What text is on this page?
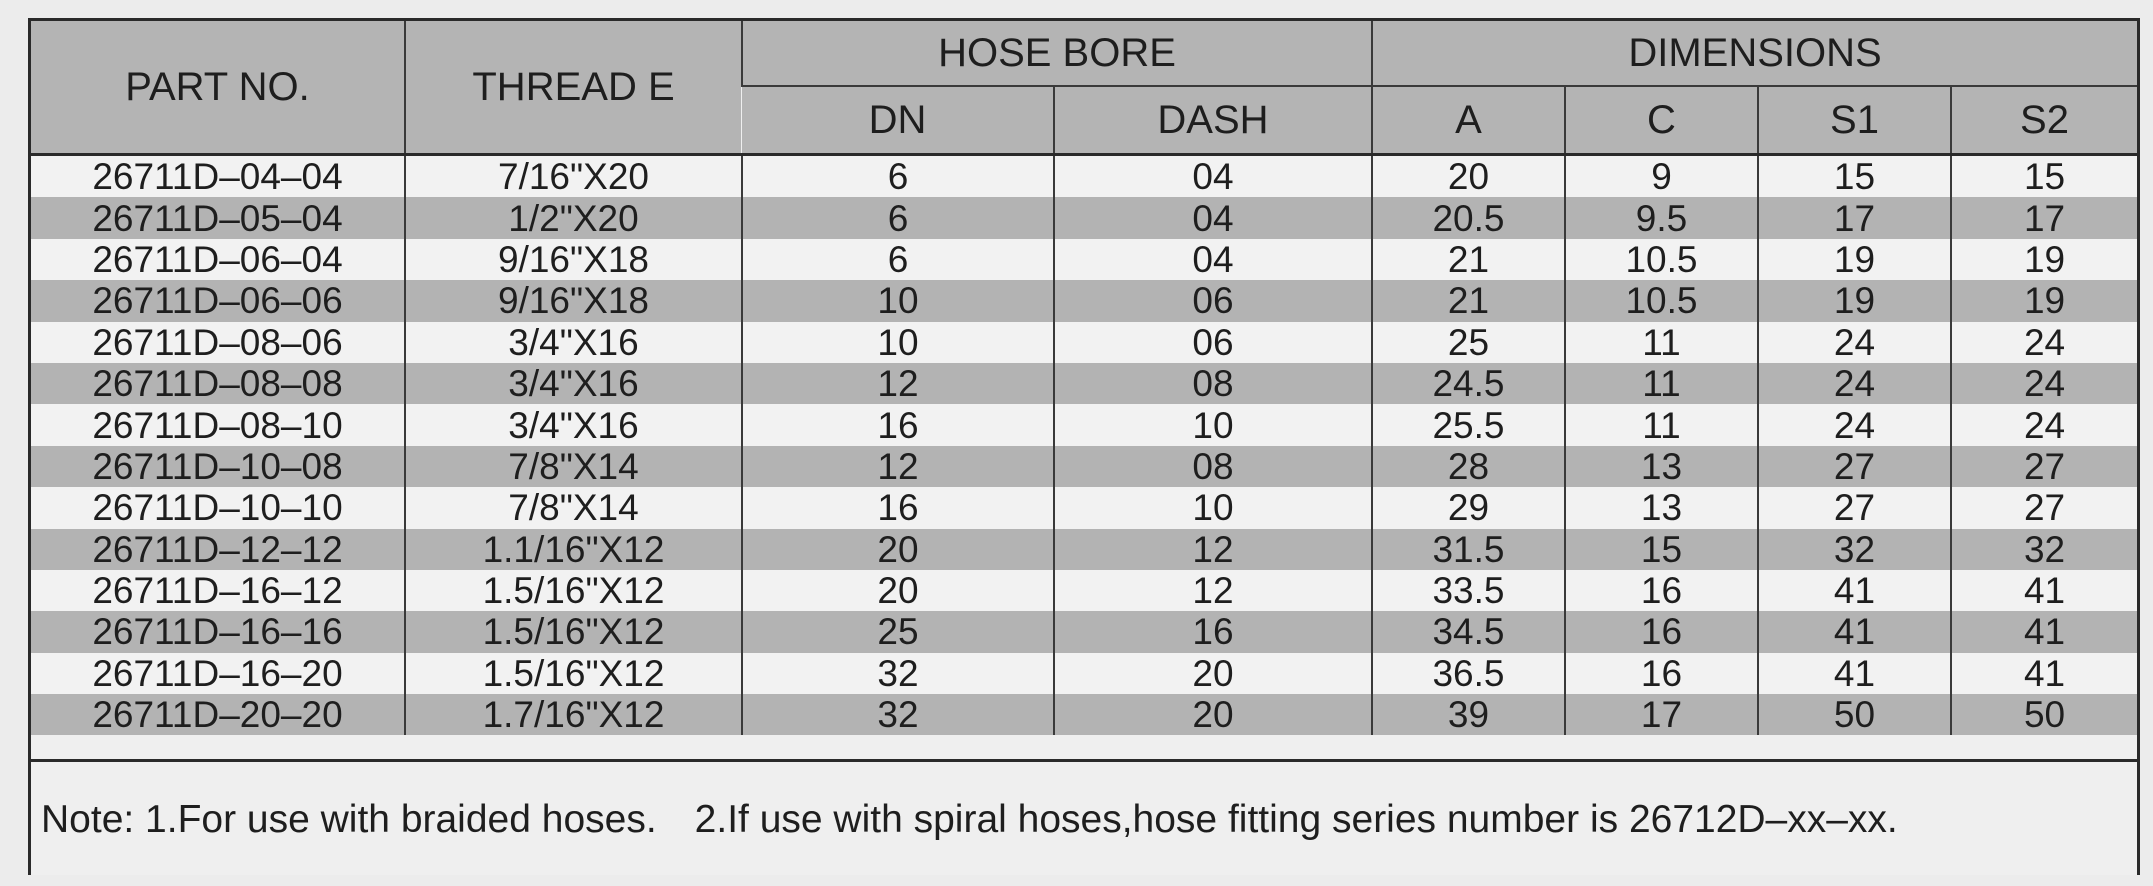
PART NO.	THREAD E	HOSE BORE		DIMENSIONS			
		DN	DASH	A	C	S1	S2
26711D–04–04	7/16"X20	6	04	20	9	15	15
26711D–05–04	1/2"X20	6	04	20.5	9.5	17	17
26711D–06–04	9/16"X18	6	04	21	10.5	19	19
26711D–06–06	9/16"X18	10	06	21	10.5	19	19
26711D–08–06	3/4"X16	10	06	25	11	24	24
26711D–08–08	3/4"X16	12	08	24.5	11	24	24
26711D–08–10	3/4"X16	16	10	25.5	11	24	24
26711D–10–08	7/8"X14	12	08	28	13	27	27
26711D–10–10	7/8"X14	16	10	29	13	27	27
26711D–12–12	1.1/16"X12	20	12	31.5	15	32	32
26711D–16–12	1.5/16"X12	20	12	33.5	16	41	41
26711D–16–16	1.5/16"X12	25	16	34.5	16	41	41
26711D–16–20	1.5/16"X12	32	20	36.5	16	41	41
26711D–20–20	1.7/16"X12	32	20	39	17	50	50
Note: 1.For use with braided hoses. 2.If use with spiral hoses,hose fitting series number is 26712D–xx–xx.
